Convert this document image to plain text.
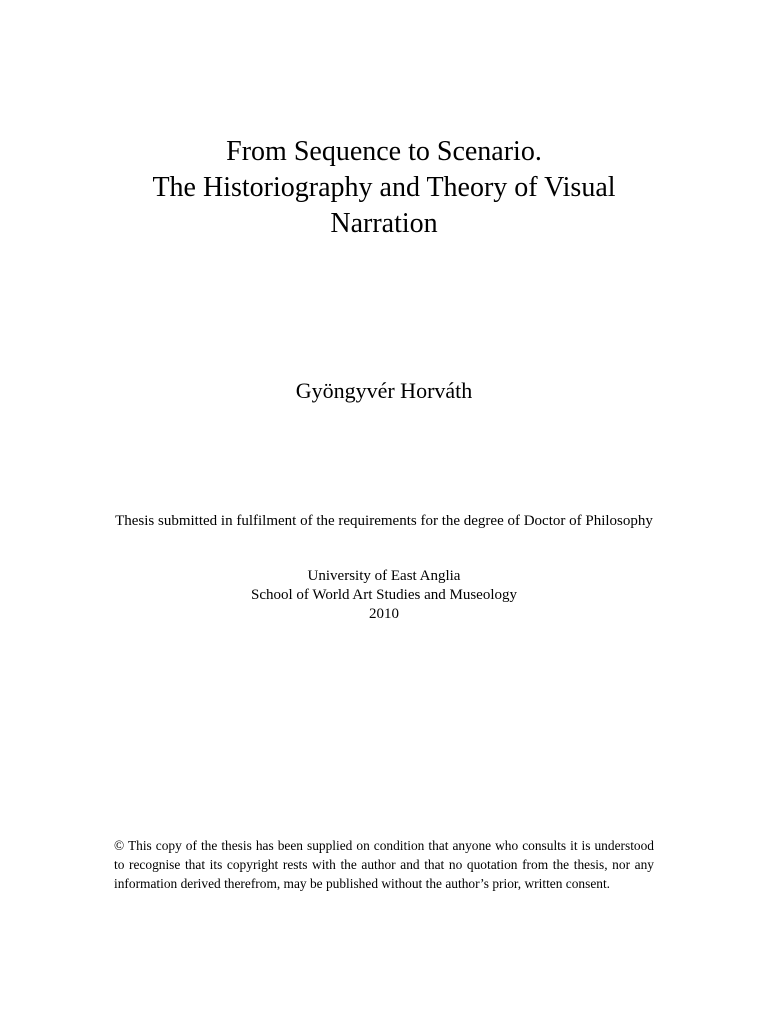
From Sequence to Scenario.
The Historiography and Theory of Visual
Narration
Gyöngyvér Horváth
Thesis submitted in fulfilment of the requirements for the degree of Doctor of Philosophy
University of East Anglia
School of World Art Studies and Museology
2010
© This copy of the thesis has been supplied on condition that anyone who consults it is understood to recognise that its copyright rests with the author and that no quotation from the thesis, nor any information derived therefrom, may be published without the author’s prior, written consent.
